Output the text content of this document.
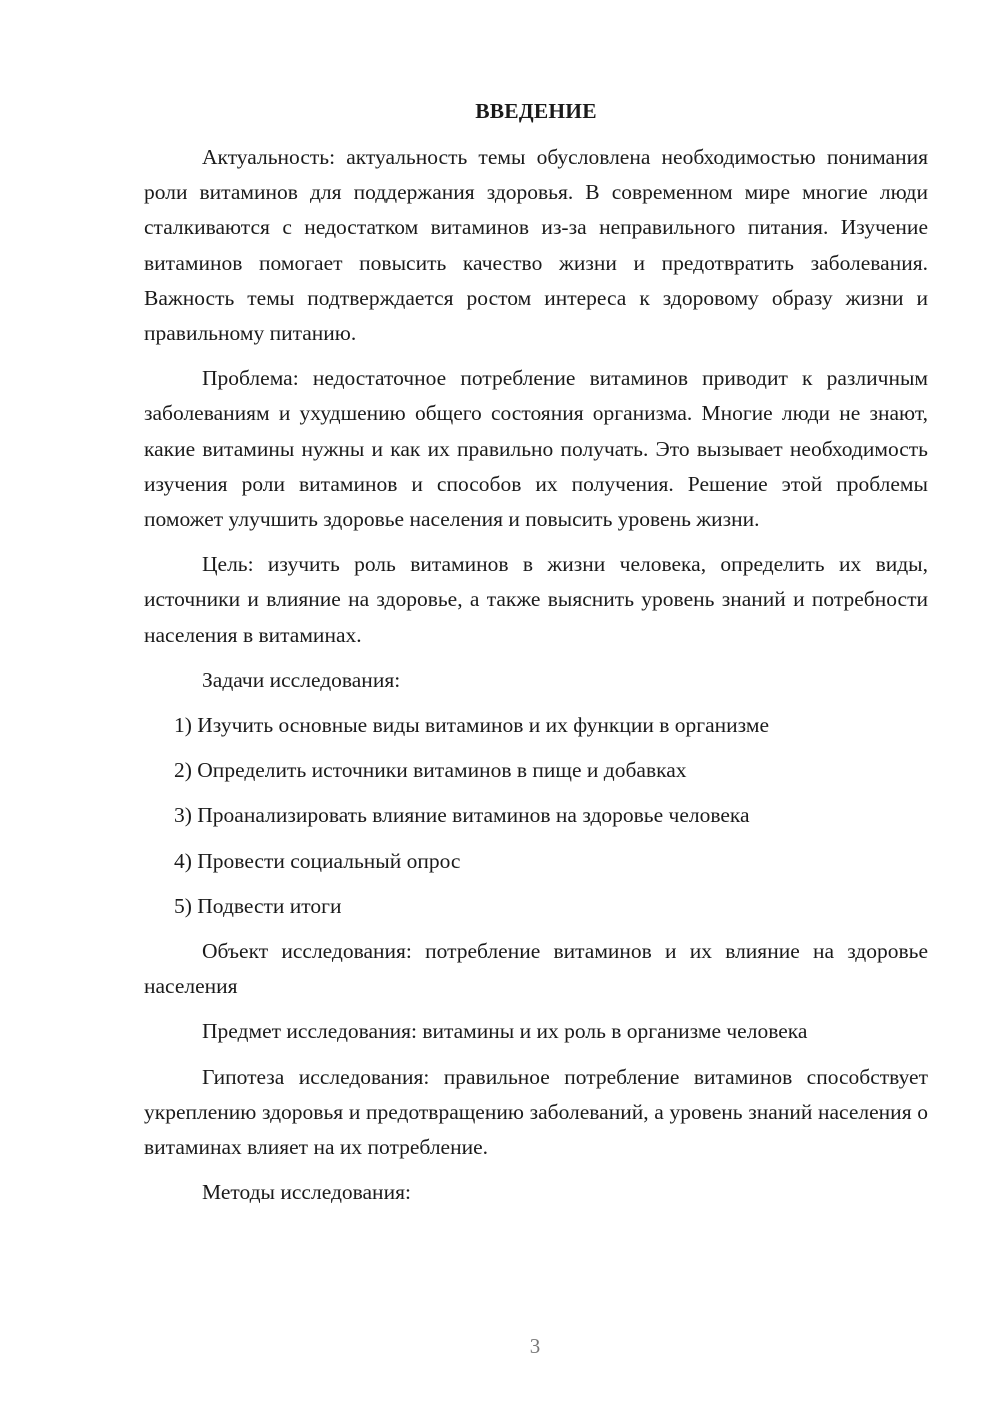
ВВЕДЕНИЕ

Актуальность: актуальность темы обусловлена необходимостью понимания роли витаминов для поддержания здоровья. В современном мире многие люди сталкиваются с недостатком витаминов из-за неправильного питания. Изучение витаминов помогает повысить качество жизни и предотвратить заболевания. Важность темы подтверждается ростом интереса к здоровому образу жизни и правильному питанию.

Проблема: недостаточное потребление витаминов приводит к различным заболеваниям и ухудшению общего состояния организма. Многие люди не знают, какие витамины нужны и как их правильно получать. Это вызывает необходимость изучения роли витаминов и способов их получения. Решение этой проблемы поможет улучшить здоровье населения и повысить уровень жизни.

Цель: изучить роль витаминов в жизни человека, определить их виды, источники и влияние на здоровье, а также выяснить уровень знаний и потребности населения в витаминах.

Задачи исследования:

1) Изучить основные виды витаминов и их функции в организме
2) Определить источники витаминов в пище и добавках
3) Проанализировать влияние витаминов на здоровье человека
4) Провести социальный опрос
5) Подвести итоги

Объект исследования: потребление витаминов и их влияние на здоровье населения

Предмет исследования: витамины и их роль в организме человека

Гипотеза исследования: правильное потребление витаминов способствует укреплению здоровья и предотвращению заболеваний, а уровень знаний населения о витаминах влияет на их потребление.

Методы исследования:

3
